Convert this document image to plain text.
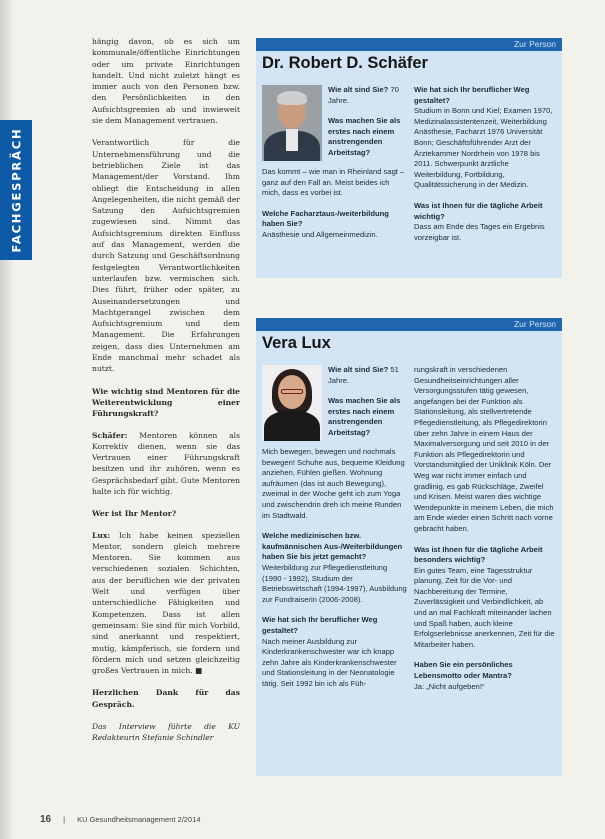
FACHGESPRÄCH

hängig davon, ob es sich um kommunale/öffentliche Einrichtungen oder um private Einrichtungen handelt. Und nicht zuletzt hängt es immer auch von den Personen bzw. den Persönlichkeiten in den Aufsichtsgremien ab und inwieweit sie dem Management vertrauen.

Verantwortlich für die Unternehmensführung und die betrieblichen Ziele ist das Management/der Vorstand. Ihm obliegt die Entscheidung in allen Angelegenheiten, die nicht gemäß der Satzung den Aufsichtsgremien zugewiesen sind. Nimmt das Aufsichtsgremium direkten Einfluss auf das Management, werden die durch Satzung und Geschäftsordnung festgelegten Verantwortlichkeiten unterlaufen bzw. vermischen sich. Dies führt, früher oder später, zu Auseinandersetzungen und Machtgerangel zwischen dem Aufsichtsgremium und dem Management. Die Erfahrungen zeigen, dass dies Unternehmen am Ende manchmal mehr schadet als nutzt.

Wie wichtig sind Mentoren für die Weiterentwicklung einer Führungskraft?

Schäfer: Mentoren können als Korrektiv dienen, wenn sie das Vertrauen einer Führungskraft besitzen und ihr zuhören, wenn es Gesprächsbedarf gibt. Gute Mentoren halte ich für wichtig.

Wer ist Ihr Mentor?

Lux: Ich habe keinen speziellen Mentor, sondern gleich mehrere Mentoren. Sie kommen aus verschiedenen sozialen Schichten, aus der beruflichen wie der privaten Welt und verfügen über unterschiedliche Fähigkeiten und Kompetenzen. Dass ist allen gemeinsam: Sie sind für mich Vorbild, sind anerkannt und respektiert, mutig, kämpferisch, sie fordern und fördern mich und setzen gleichzeitig großes Vertrauen in mich. ■

Herzlichen Dank für das Gespräch.

Das Interview führte die KU Redakteurin Stefanie Schindler

Zur Person
Dr. Robert D. Schäfer
Wie alt sind Sie? 70 Jahre.
Was machen Sie als erstes nach einem anstrengenden Arbeitstag?
Das kommt – wie man in Rheinland sagt – ganz auf den Fall an. Meist beides ich mich, dass es vorbei ist.
Welche Facharztaus-/weiterbildung haben Sie?
Anästhesie und Allgemeinmedizin.
Wie hat sich Ihr beruflicher Weg gestaltet?
Studium in Bonn und Kiel; Examen 1970, Medizinalassistentenzeit, Weiterbildung Anästhesie, Facharzt 1976 Universität Bonn; Geschäftsführender Arzt der Ärztekammer Nordrhein von 1978 bis 2011. Schwerpunkt ärztliche Weiterbildung, Fortbildung, Qualitätssicherung in der Medizin.
Was ist Ihnen für die tägliche Arbeit wichtig?
Dass am Ende des Tages ein Ergebnis vorzeigbar ist.
Zur Person
Vera Lux
Wie alt sind Sie? 51 Jahre.
Was machen Sie als erstes nach einem anstrengenden Arbeitstag?
Mich bewegen, bewegen und nochmals bewegen! Schuhe aus, bequeme Kleidung anziehen, Fühlen gießen. Wohnung aufräumen (das ist auch Bewegung), zweimal in der Woche geht ich zum Yoga und zwischendrin dreh ich meine Runden im Stadtwald.
Welche medizinischen bzw. kaufmännischen Aus-/Weiterbildungen haben Sie bis jetzt gemacht?
Weiterbildung zur Pflegedienstleitung (1990 - 1992), Studium der Betriebswirtschaft (1994-1997), Ausbildung zur Fundraiserin (2006-2008).
Wie hat sich Ihr beruflicher Weg gestaltet?
Nach meiner Ausbildung zur Kinderkrankenschwester war ich knapp zehn Jahre als Kinderkrankenschwester und Stationsleitung in der Neonatologie tätig. Seit 1992 bin ich als Füh-
rungskraft in verschiedenen Gesundheitseinrichtungen aller Versorgungsstufen tätig gewesen, angefangen bei der Funktion als Stationsleitung, als stellvertretende Pflegedienstleitung, als Pflegedirektorin über zehn Jahre in einem Haus der Maximalversorgung und seit 2010 in der Funktion als Pflegedirektorin und Vorstandsmitglied der Uniklinik Köln. Der Weg war nicht immer einfach und gradlinig, es gab Rückschläge, Zweifel und Krisen. Meist waren dies wichtige Wendepunkte in meinem Leben, die mich am Ende wieder einen Schritt nach vorne gebracht haben.
Was ist Ihnen für die tägliche Arbeit besonders wichtig?
Ein gutes Team, eine Tagesstruktur planung, Zeit für die Vor- und Nachbereitung der Termine, Zuverlässigkeit und Verbindlichkeit, ab und an mal Fachkraft miteinander lachen und Spaß haben, auch kleine Erfolgserlebnisse anerkennen, Zeit für die Mitarbeiter haben.
Haben Sie ein persönliches Lebensmotto oder Mantra?
Ja: „Nicht aufgeben!“
16 | KU Gesundheitsmanagement 2/2014
